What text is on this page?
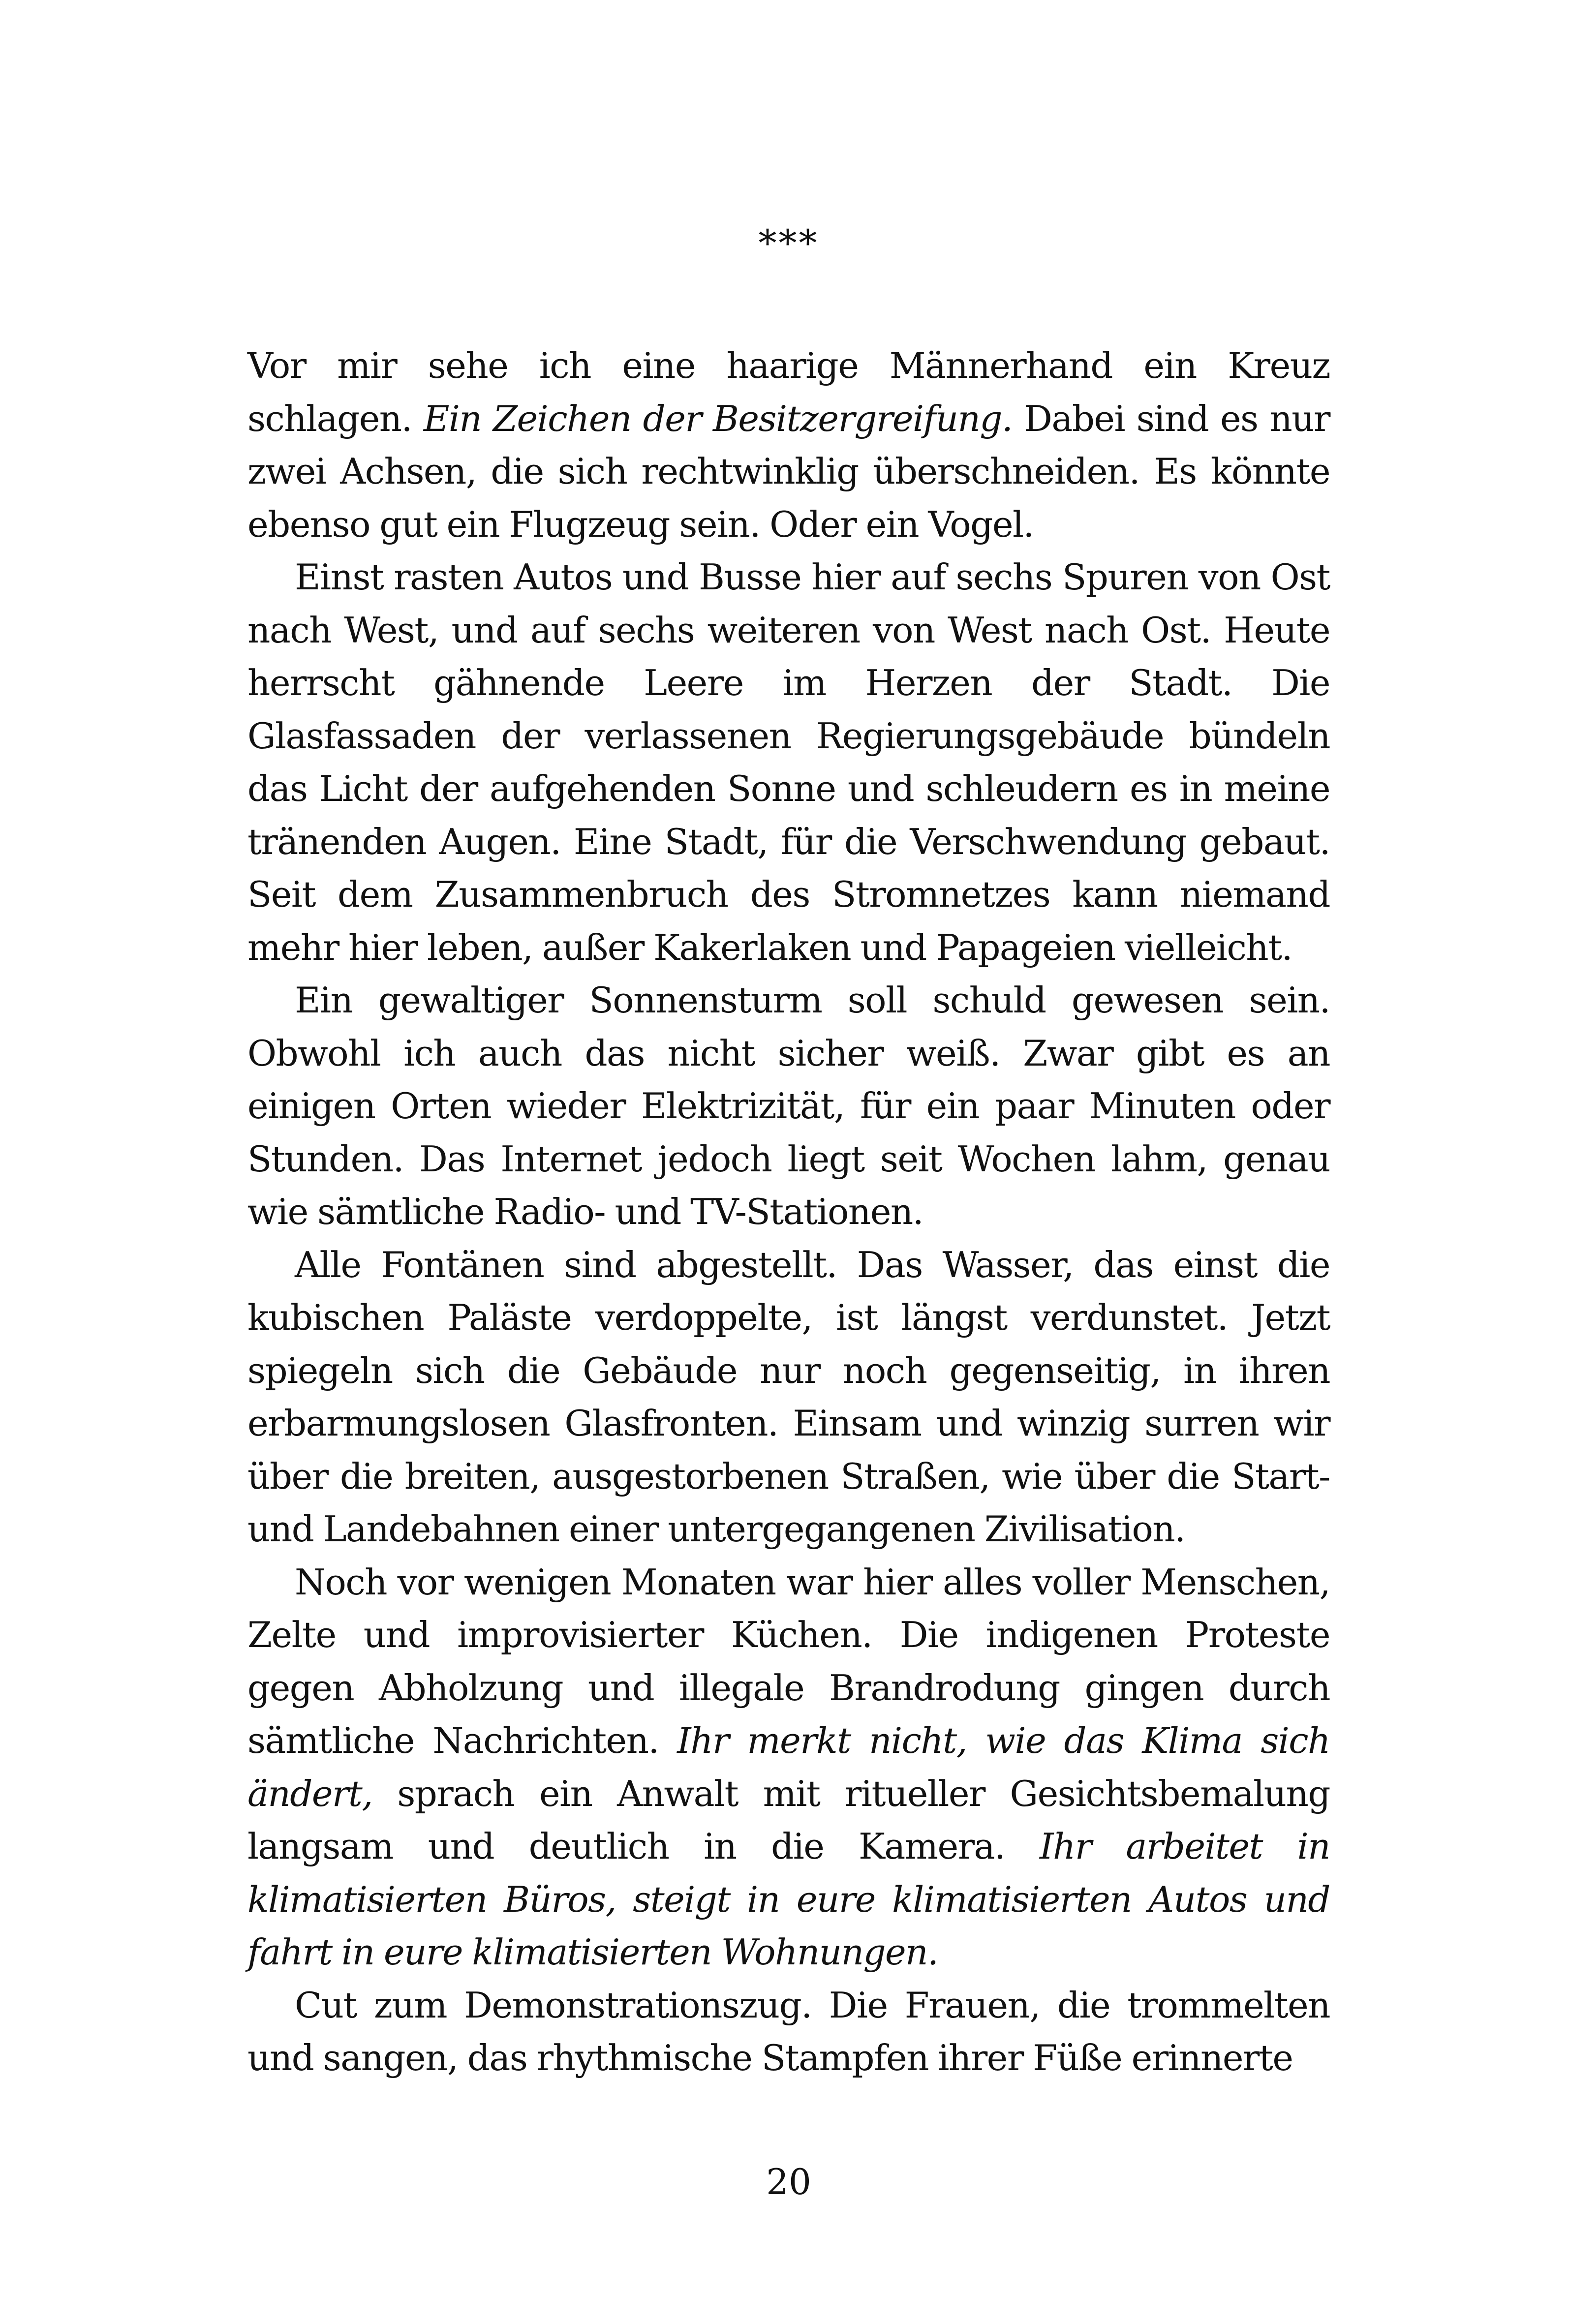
***

Vor mir sehe ich eine haarige Männerhand ein Kreuz schlagen. Ein Zeichen der Besitzergreifung. Dabei sind es nur zwei Achsen, die sich rechtwinklig überschneiden. Es könnte ebenso gut ein Flugzeug sein. Oder ein Vogel.

Einst rasten Autos und Busse hier auf sechs Spuren von Ost nach West, und auf sechs weiteren von West nach Ost. Heute herrscht gähnende Leere im Herzen der Stadt. Die Glasfassaden der verlassenen Regierungsgebäude bündeln das Licht der aufgehenden Sonne und schleudern es in meine tränenden Augen. Eine Stadt, für die Verschwendung gebaut. Seit dem Zusammenbruch des Stromnetzes kann niemand mehr hier leben, außer Kakerlaken und Papageien vielleicht.

Ein gewaltiger Sonnensturm soll schuld gewesen sein. Obwohl ich auch das nicht sicher weiß. Zwar gibt es an einigen Orten wieder Elektrizität, für ein paar Minuten oder Stunden. Das Internet jedoch liegt seit Wochen lahm, genau wie sämtliche Radio- und TV-Stationen.

Alle Fontänen sind abgestellt. Das Wasser, das einst die kubischen Paläste verdoppelte, ist längst verdunstet. Jetzt spiegeln sich die Gebäude nur noch gegenseitig, in ihren erbarmungslosen Glasfronten. Einsam und winzig surren wir über die breiten, ausgestorbenen Straßen, wie über die Start- und Landebahnen einer untergegangenen Zivilisation.

Noch vor wenigen Monaten war hier alles voller Menschen, Zelte und improvisierter Küchen. Die indigenen Proteste gegen Abholzung und illegale Brandrodung gingen durch sämtliche Nachrichten. Ihr merkt nicht, wie das Klima sich ändert, sprach ein Anwalt mit ritueller Gesichtsbemalung langsam und deutlich in die Kamera. Ihr arbeitet in klimatisierten Büros, steigt in eure klimatisierten Autos und fahrt in eure klimatisierten Wohnungen.

Cut zum Demonstrationszug. Die Frauen, die trommelten und sangen, das rhythmische Stampfen ihrer Füße erinnerte

20
